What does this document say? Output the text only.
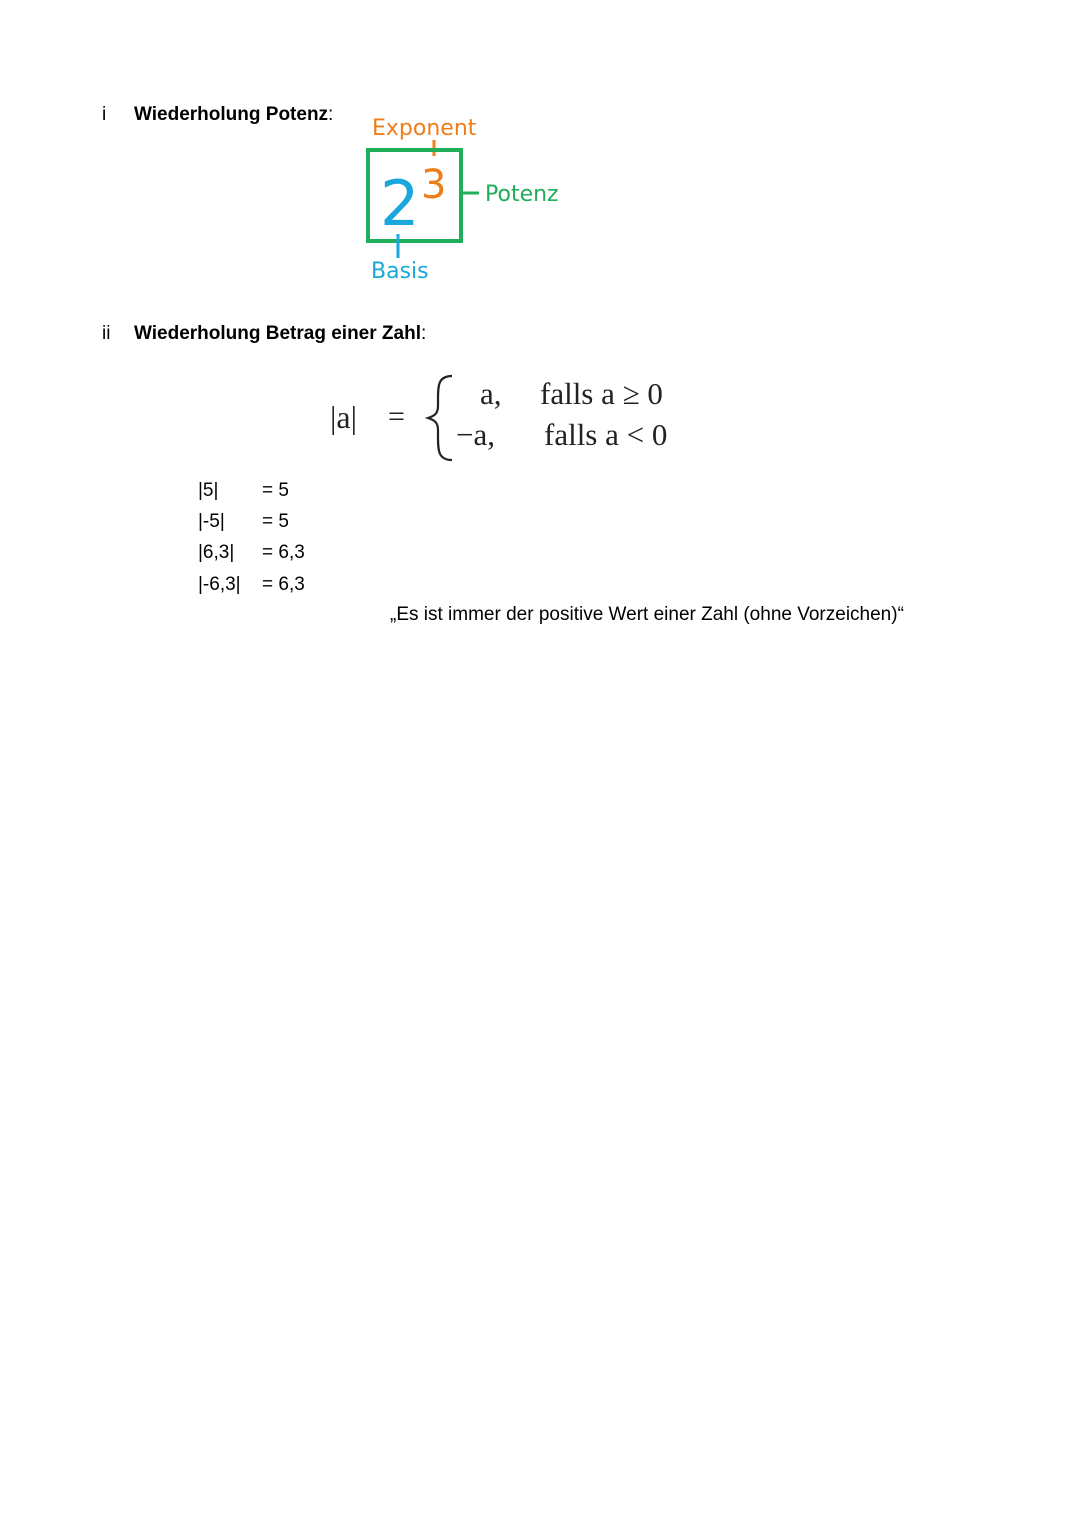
i Wiederholung Potenz:
Exponent
2 3 Potenz
Basis
ii Wiederholung Betrag einer Zahl:
|a| =
a, falls a ≥ 0
−a, falls a < 0
|5| = 5
|-5| = 5
|6,3| = 6,3
|-6,3| = 6,3
„Es ist immer der positive Wert einer Zahl (ohne Vorzeichen)“
